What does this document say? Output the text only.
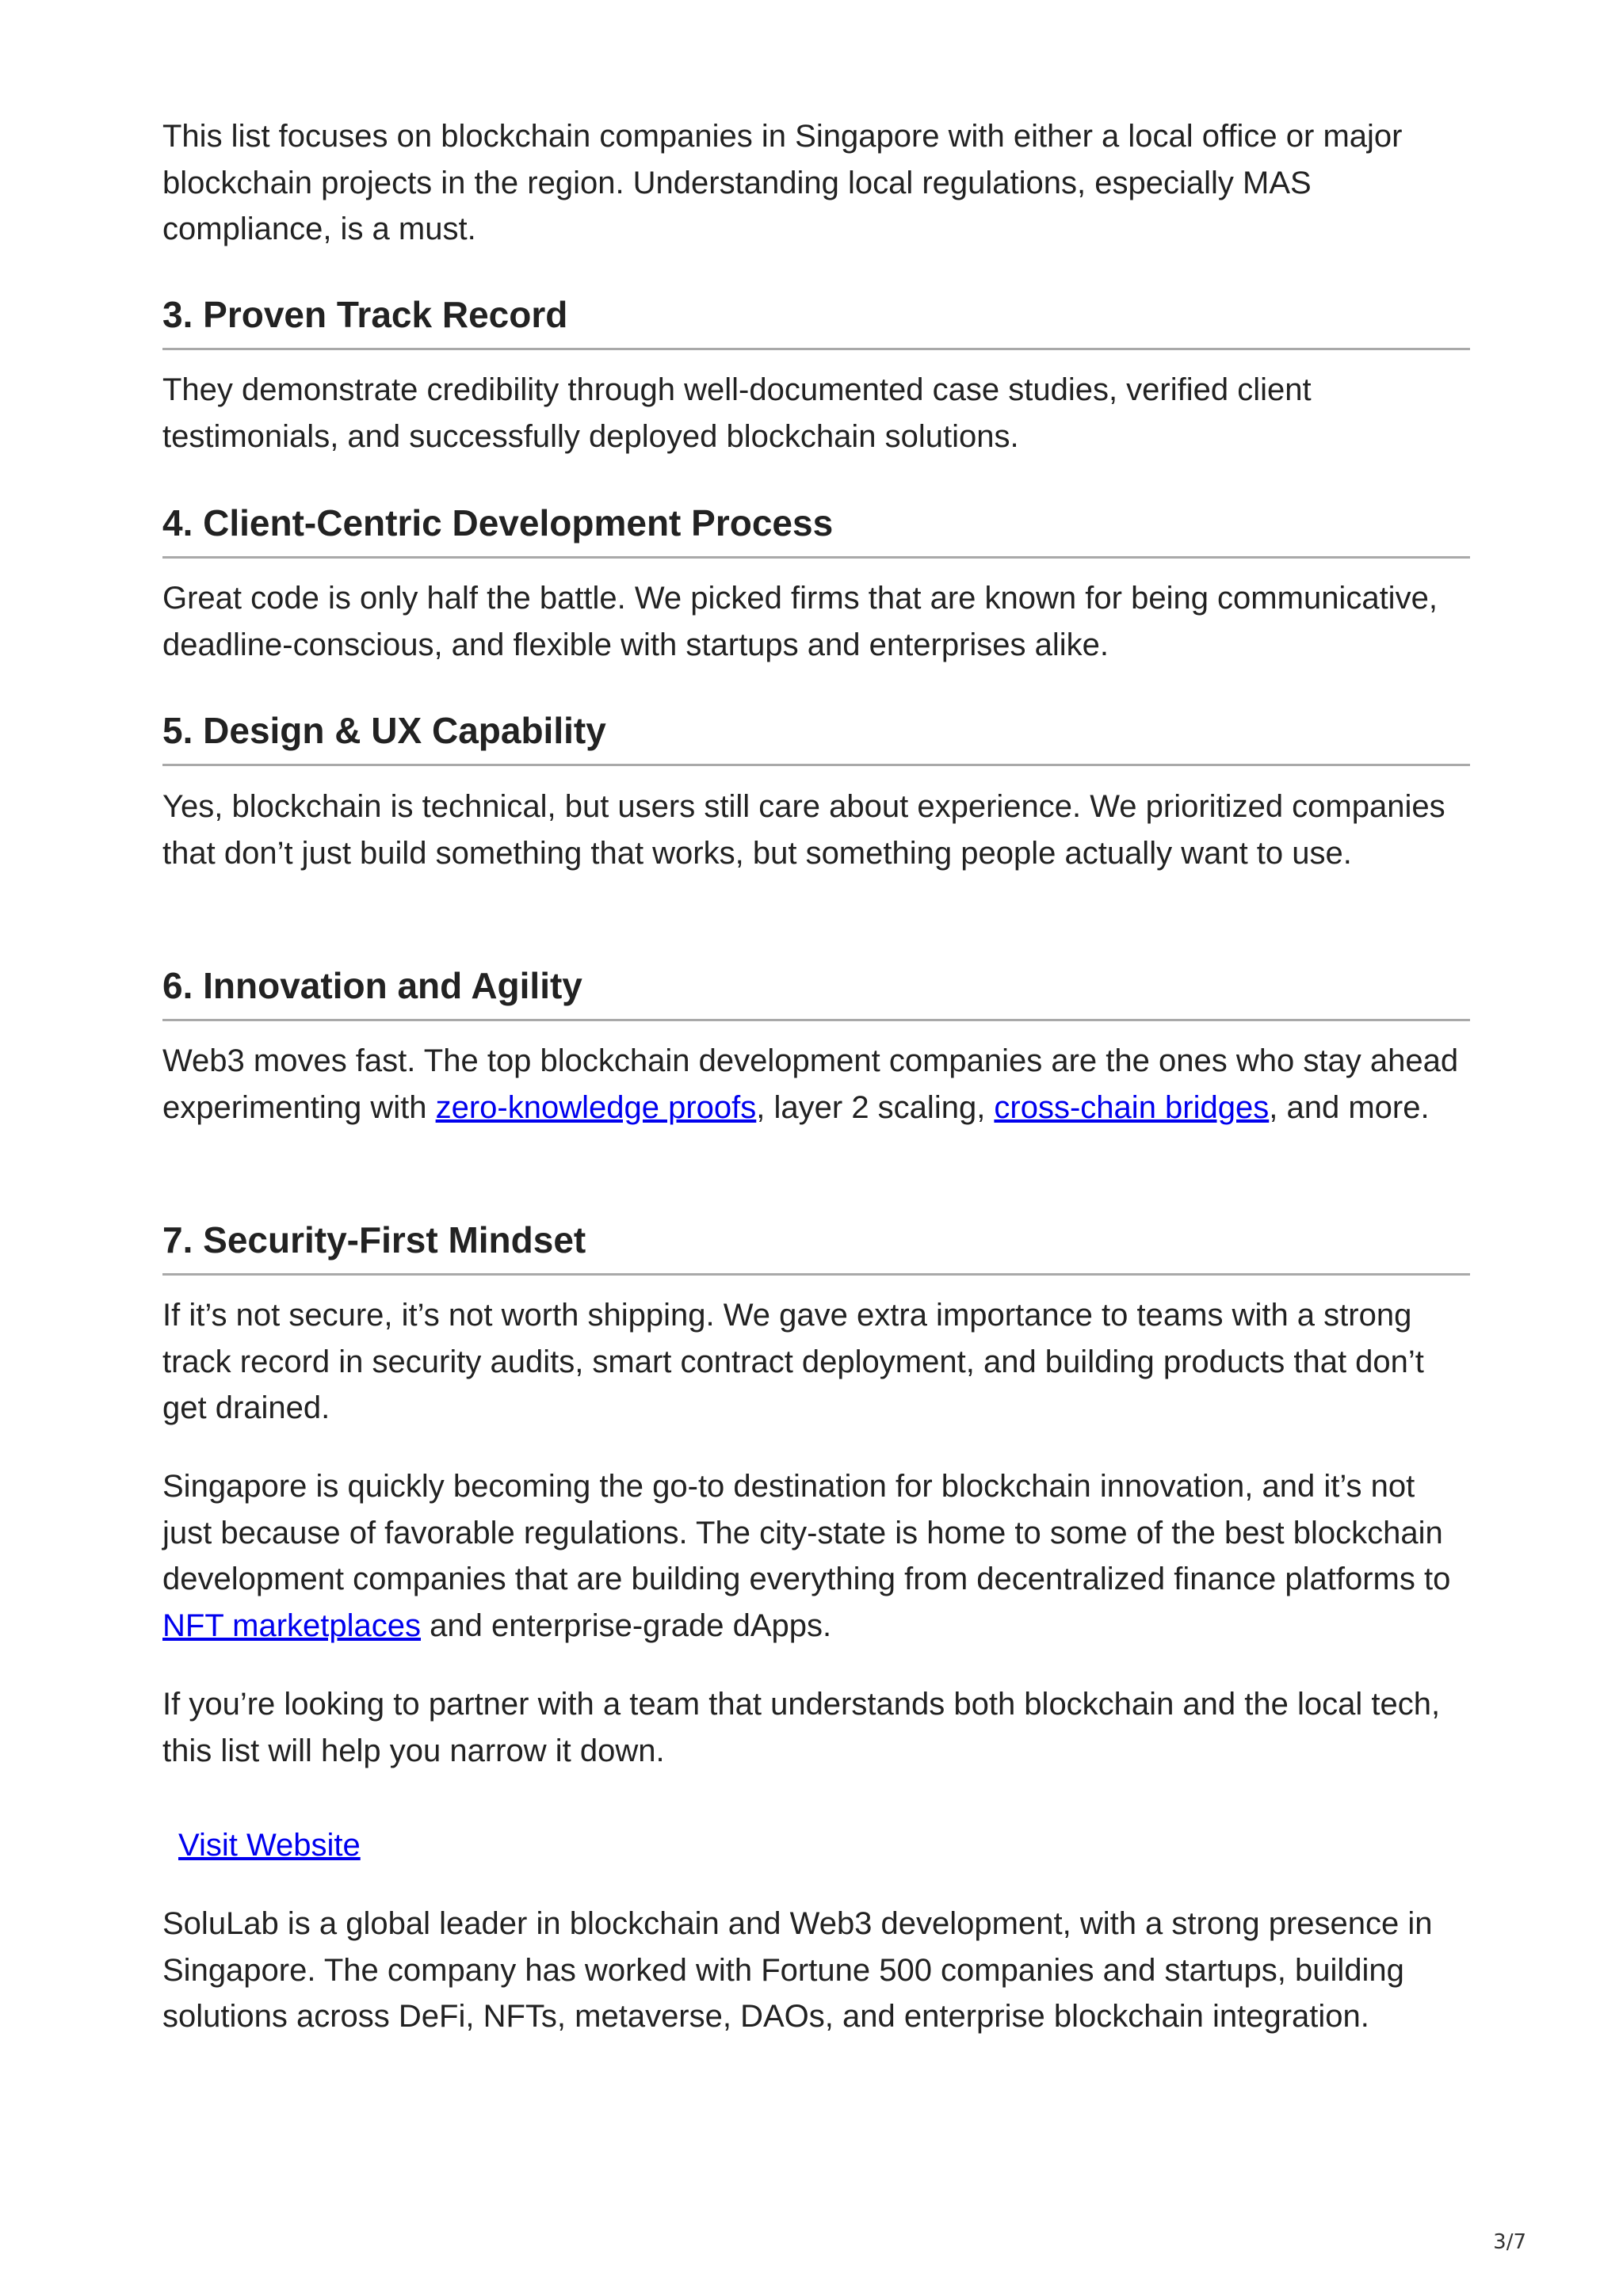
This list focuses on blockchain companies in Singapore with either a local office or major blockchain projects in the region. Understanding local regulations, especially MAS compliance, is a must.

3. Proven Track Record

They demonstrate credibility through well-documented case studies, verified client testimonials, and successfully deployed blockchain solutions.

4. Client-Centric Development Process

Great code is only half the battle. We picked firms that are known for being communicative, deadline-conscious, and flexible with startups and enterprises alike.

5. Design & UX Capability

Yes, blockchain is technical, but users still care about experience. We prioritized companies that don’t just build something that works, but something people actually want to use.

6. Innovation and Agility

Web3 moves fast. The top blockchain development companies are the ones who stay ahead experimenting with zero-knowledge proofs, layer 2 scaling, cross-chain bridges, and more.

7. Security-First Mindset

If it’s not secure, it’s not worth shipping. We gave extra importance to teams with a strong track record in security audits, smart contract deployment, and building products that don’t get drained.

Singapore is quickly becoming the go-to destination for blockchain innovation, and it’s not just because of favorable regulations. The city-state is home to some of the best blockchain development companies that are building everything from decentralized finance platforms to NFT marketplaces and enterprise-grade dApps.

If you’re looking to partner with a team that understands both blockchain and the local tech, this list will help you narrow it down.

Visit Website

SoluLab is a global leader in blockchain and Web3 development, with a strong presence in Singapore. The company has worked with Fortune 500 companies and startups, building solutions across DeFi, NFTs, metaverse, DAOs, and enterprise blockchain integration.

3/7
